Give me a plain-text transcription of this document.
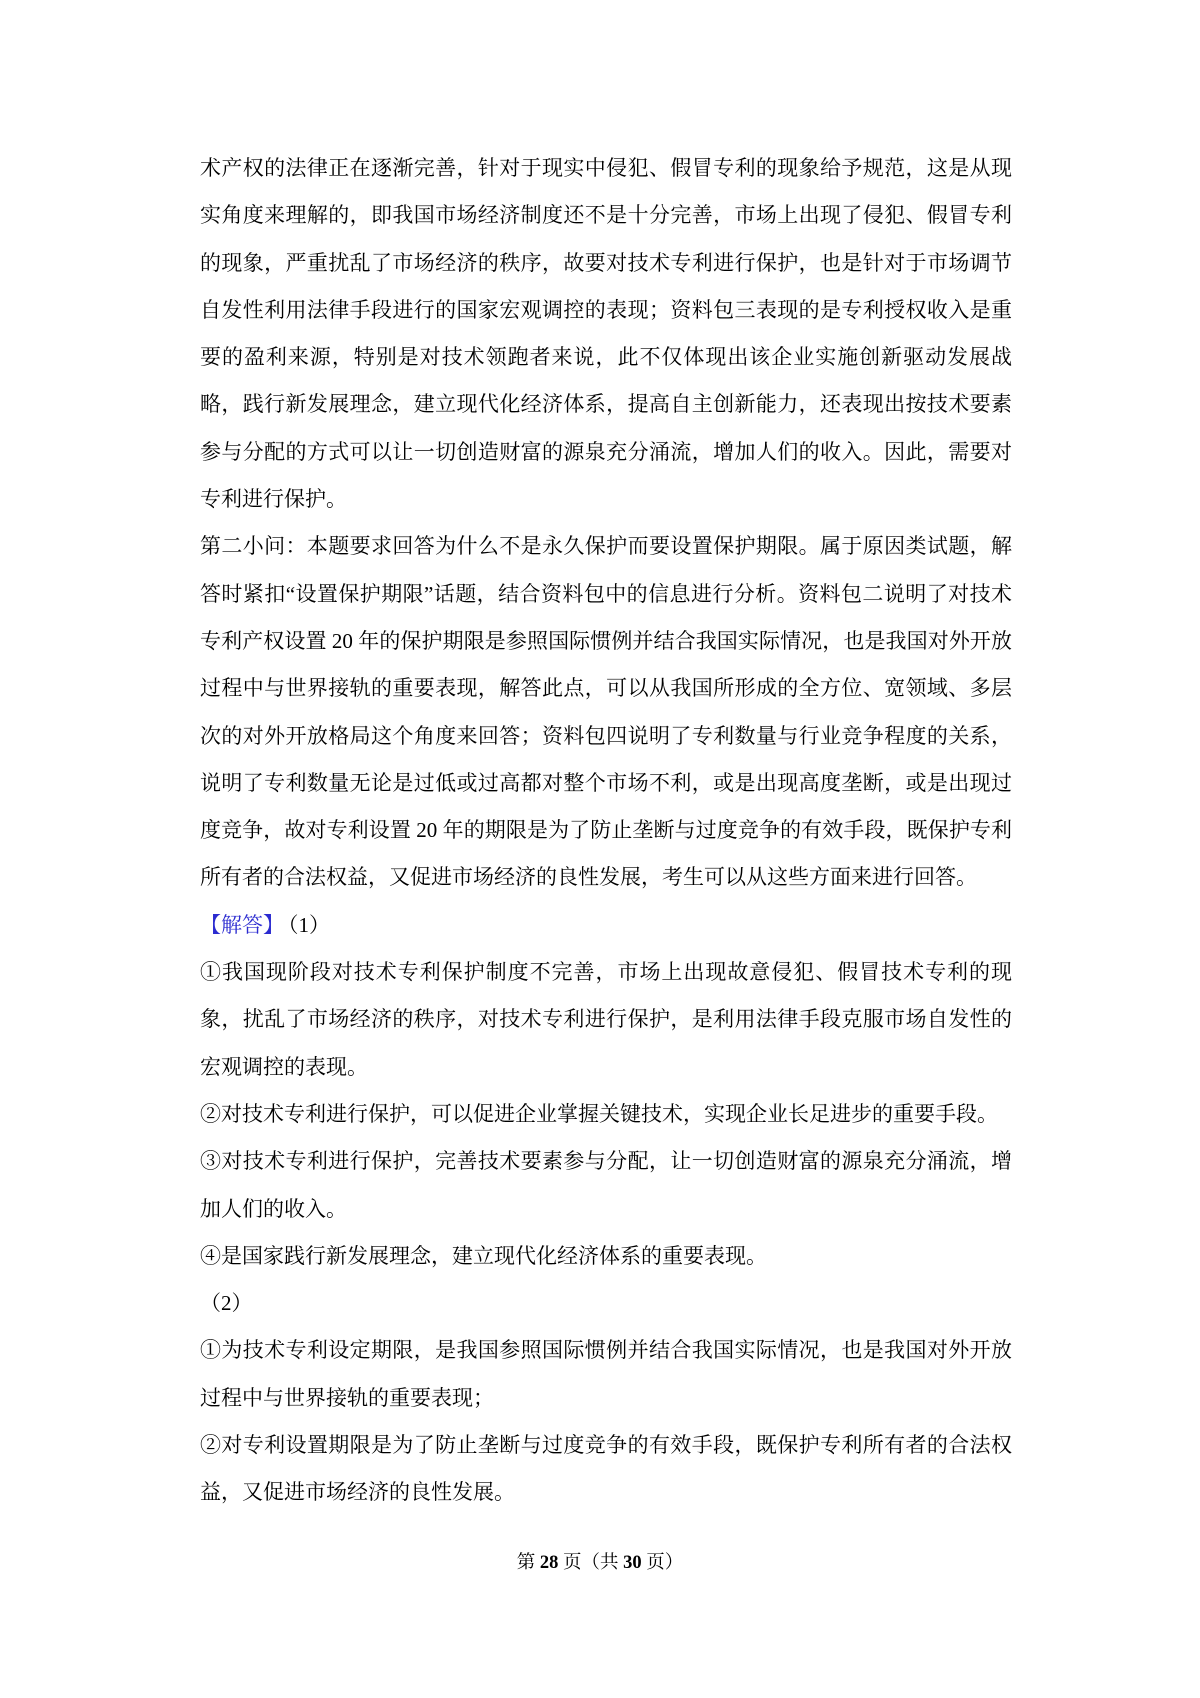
术产权的法律正在逐渐完善，针对于现实中侵犯、假冒专利的现象给予规范，这是从现实角度来理解的，即我国市场经济制度还不是十分完善，市场上出现了侵犯、假冒专利的现象，严重扰乱了市场经济的秩序，故要对技术专利进行保护，也是针对于市场调节自发性利用法律手段进行的国家宏观调控的表现；资料包三表现的是专利授权收入是重要的盈利来源，特别是对技术领跑者来说，此不仅体现出该企业实施创新驱动发展战略，践行新发展理念，建立现代化经济体系，提高自主创新能力，还表现出按技术要素参与分配的方式可以让一切创造财富的源泉充分涌流，增加人们的收入。因此，需要对专利进行保护。

第二小问：本题要求回答为什么不是永久保护而要设置保护期限。属于原因类试题，解答时紧扣“设置保护期限”话题，结合资料包中的信息进行分析。资料包二说明了对技术专利产权设置 20 年的保护期限是参照国际惯例并结合我国实际情况，也是我国对外开放过程中与世界接轨的重要表现，解答此点，可以从我国所形成的全方位、宽领域、多层次的对外开放格局这个角度来回答；资料包四说明了专利数量与行业竞争程度的关系，说明了专利数量无论是过低或过高都对整个市场不利，或是出现高度垄断，或是出现过度竞争，故对专利设置 20 年的期限是为了防止垄断与过度竞争的有效手段，既保护专利所有者的合法权益，又促进市场经济的良性发展，考生可以从这些方面来进行回答。

【解答】 （1）

①我国现阶段对技术专利保护制度不完善，市场上出现故意侵犯、假冒技术专利的现象，扰乱了市场经济的秩序，对技术专利进行保护，是利用法律手段克服市场自发性的宏观调控的表现。

②对技术专利进行保护，可以促进企业掌握关键技术，实现企业长足进步的重要手段。

③对技术专利进行保护，完善技术要素参与分配，让一切创造财富的源泉充分涌流，增加人们的收入。

④是国家践行新发展理念，建立现代化经济体系的重要表现。

（2）

①为技术专利设定期限，是我国参照国际惯例并结合我国实际情况，也是我国对外开放过程中与世界接轨的重要表现；

②对专利设置期限是为了防止垄断与过度竞争的有效手段，既保护专利所有者的合法权益，又促进市场经济的良性发展。

第 28 页（共 30 页）
